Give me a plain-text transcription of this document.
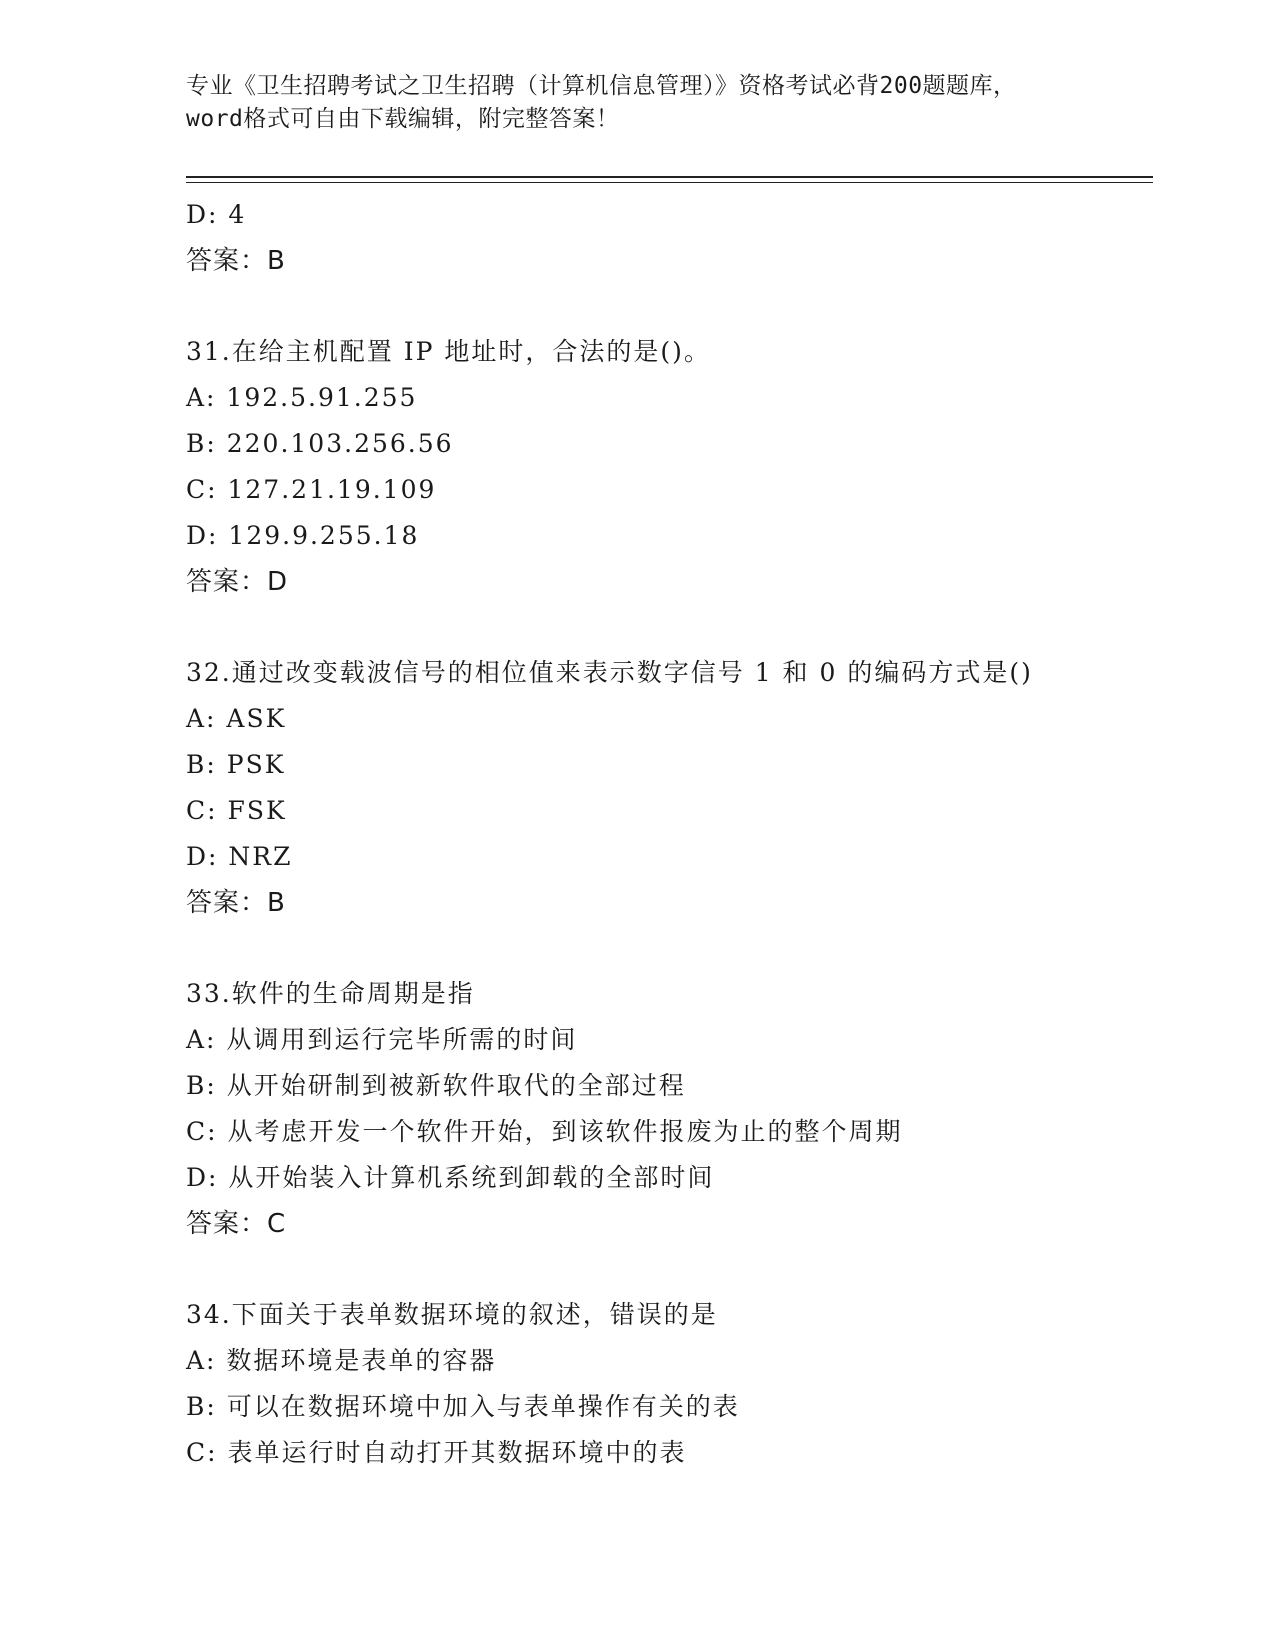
专业《卫生招聘考试之卫生招聘（计算机信息管理）》资格考试必背200题题库，
word格式可自由下载编辑，附完整答案！
D: 4
答案：B
31.在给主机配置 IP 地址时，合法的是()。
A: 192.5.91.255
B: 220.103.256.56
C: 127.21.19.109
D: 129.9.255.18
答案：D
32.通过改变载波信号的相位值来表示数字信号 1 和 0 的编码方式是()
A: ASK
B: PSK
C: FSK
D: NRZ
答案：B
33.软件的生命周期是指
A: 从调用到运行完毕所需的时间
B: 从开始研制到被新软件取代的全部过程
C: 从考虑开发一个软件开始，到该软件报废为止的整个周期
D: 从开始装入计算机系统到卸载的全部时间
答案：C
34.下面关于表单数据环境的叙述，错误的是
A: 数据环境是表单的容器
B: 可以在数据环境中加入与表单操作有关的表
C: 表单运行时自动打开其数据环境中的表
